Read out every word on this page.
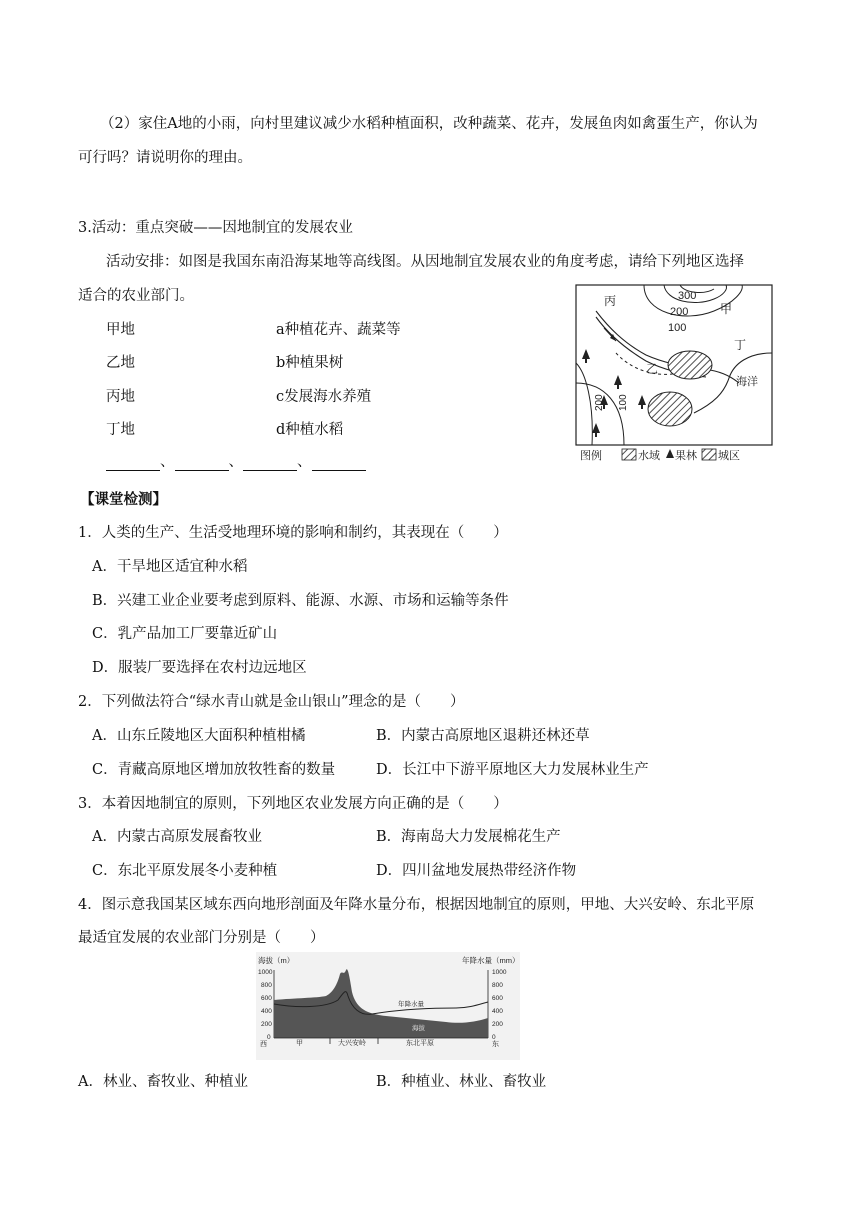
（2）家住A地的小雨，向村里建议减少水稻种植面积，改种蔬菜、花卉，发展鱼肉如禽蛋生产，你认为
可行吗？请说明你的理由。
3.活动：重点突破——因地制宜的发展农业
活动安排：如图是我国东南沿海某地等高线图。从因地制宜发展农业的角度考虑，请给下列地区选择
适合的农业部门。
甲地	a种植花卉、蔬菜等
乙地	b种植果树
丙地	c发展海水养殖
丁地	d种植水稻
、	、	、
丙
甲
乙
丁
海洋
300
200
100
200 100
图例	水域 果林 城区
【课堂检测】
1．人类的生产、生活受地理环境的影响和制约，其表现在（　　）
A．干旱地区适宜种水稻
B．兴建工业企业要考虑到原料、能源、水源、市场和运输等条件
C．乳产品加工厂要靠近矿山
D．服装厂要选择在农村边远地区
2．下列做法符合“绿水青山就是金山银山”理念的是（　　）
A．山东丘陵地区大面积种植柑橘	B．内蒙古高原地区退耕还林还草
C．青藏高原地区增加放牧牲畜的数量	D．长江中下游平原地区大力发展林业生产
3．本着因地制宜的原则，下列地区农业发展方向正确的是（　　）
A．内蒙古高原发展畜牧业	B．海南岛大力发展棉花生产
C．东北平原发展冬小麦种植	D．四川盆地发展热带经济作物
4．图示意我国某区域东西向地形剖面及年降水量分布，根据因地制宜的原则，甲地、大兴安岭、东北平原
最适宜发展的农业部门分别是（　　）
海拔（m）	年降水量（mm）
1000
800
600
400
200
0
1000
800
600
400
200
0
年降水量
海拔
西	东
甲	大兴安岭	东北平原
A．林业、畜牧业、种植业	B．种植业、林业、畜牧业
